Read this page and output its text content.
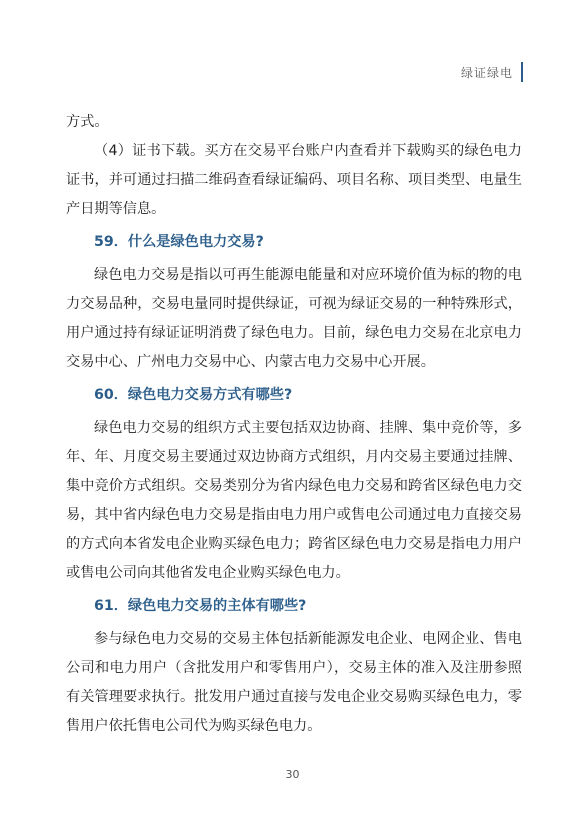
绿证绿电

方式。

（4）证书下载。买方在交易平台账户内查看并下载购买的绿色电力证书，并可通过扫描二维码查看绿证编码、项目名称、项目类型、电量生产日期等信息。

59．什么是绿色电力交易?

绿色电力交易是指以可再生能源电能量和对应环境价值为标的物的电力交易品种，交易电量同时提供绿证，可视为绿证交易的一种特殊形式，用户通过持有绿证证明消费了绿色电力。目前，绿色电力交易在北京电力交易中心、广州电力交易中心、内蒙古电力交易中心开展。

60．绿色电力交易方式有哪些?

绿色电力交易的组织方式主要包括双边协商、挂牌、集中竞价等，多年、年、月度交易主要通过双边协商方式组织，月内交易主要通过挂牌、集中竞价方式组织。交易类别分为省内绿色电力交易和跨省区绿色电力交易，其中省内绿色电力交易是指由电力用户或售电公司通过电力直接交易的方式向本省发电企业购买绿色电力；跨省区绿色电力交易是指电力用户或售电公司向其他省发电企业购买绿色电力。

61．绿色电力交易的主体有哪些?

参与绿色电力交易的交易主体包括新能源发电企业、电网企业、售电公司和电力用户（含批发用户和零售用户），交易主体的准入及注册参照有关管理要求执行。批发用户通过直接与发电企业交易购买绿色电力，零售用户依托售电公司代为购买绿色电力。

30
